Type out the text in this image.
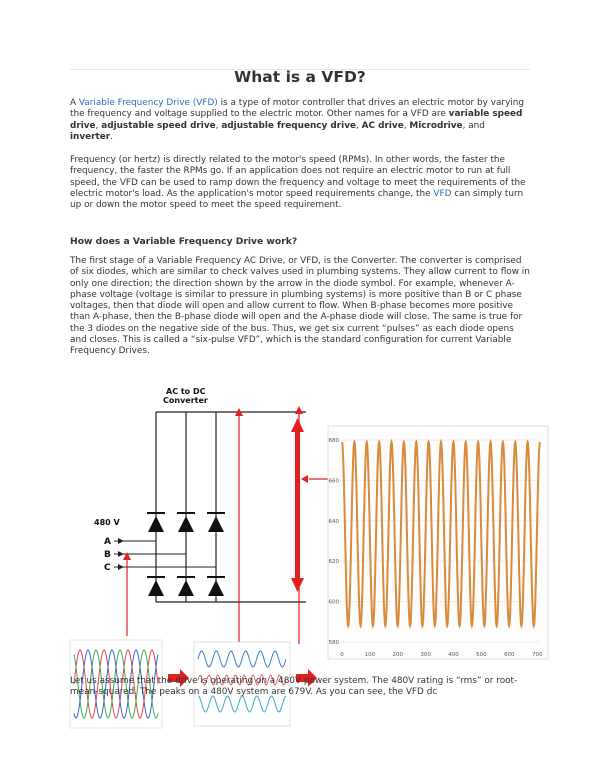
What is a VFD?

A Variable Frequency Drive (VFD) is a type of motor controller that drives an electric motor by varying the frequency and voltage supplied to the electric motor. Other names for a VFD are variable speed drive, adjustable speed drive, adjustable frequency drive, AC drive, Microdrive, and inverter.

Frequency (or hertz) is directly related to the motor's speed (RPMs). In other words, the faster the frequency, the faster the RPMs go. If an application does not require an electric motor to run at full speed, the VFD can be used to ramp down the frequency and voltage to meet the requirements of the electric motor's load. As the application's motor speed requirements change, the VFD can simply turn up or down the motor speed to meet the speed requirement.

How does a Variable Frequency Drive work?

The first stage of a Variable Frequency AC Drive, or VFD, is the Converter. The converter is comprised of six diodes, which are similar to check valves used in plumbing systems. They allow current to flow in only one direction; the direction shown by the arrow in the diode symbol. For example, whenever A-phase voltage (voltage is similar to pressure in plumbing systems) is more positive than B or C phase voltages, then that diode will open and allow current to flow. When B-phase becomes more positive than A-phase, then the B-phase diode will open and the A-phase diode will close. The same is true for the 3 diodes on the negative side of the bus. Thus, we get six current “pulses” as each diode opens and closes. This is called a “six-pulse VFD”, which is the standard configuration for current Variable Frequency Drives.

AC to DC
Converter
480 V
A
B
C
580
600
620
640
660
680
0	100	200	300	400	500	600	700

Let us assume that the drive is operating on a 480V power system. The 480V rating is “rms” or root-mean-squared. The peaks on a 480V system are 679V. As you can see, the VFD dc
